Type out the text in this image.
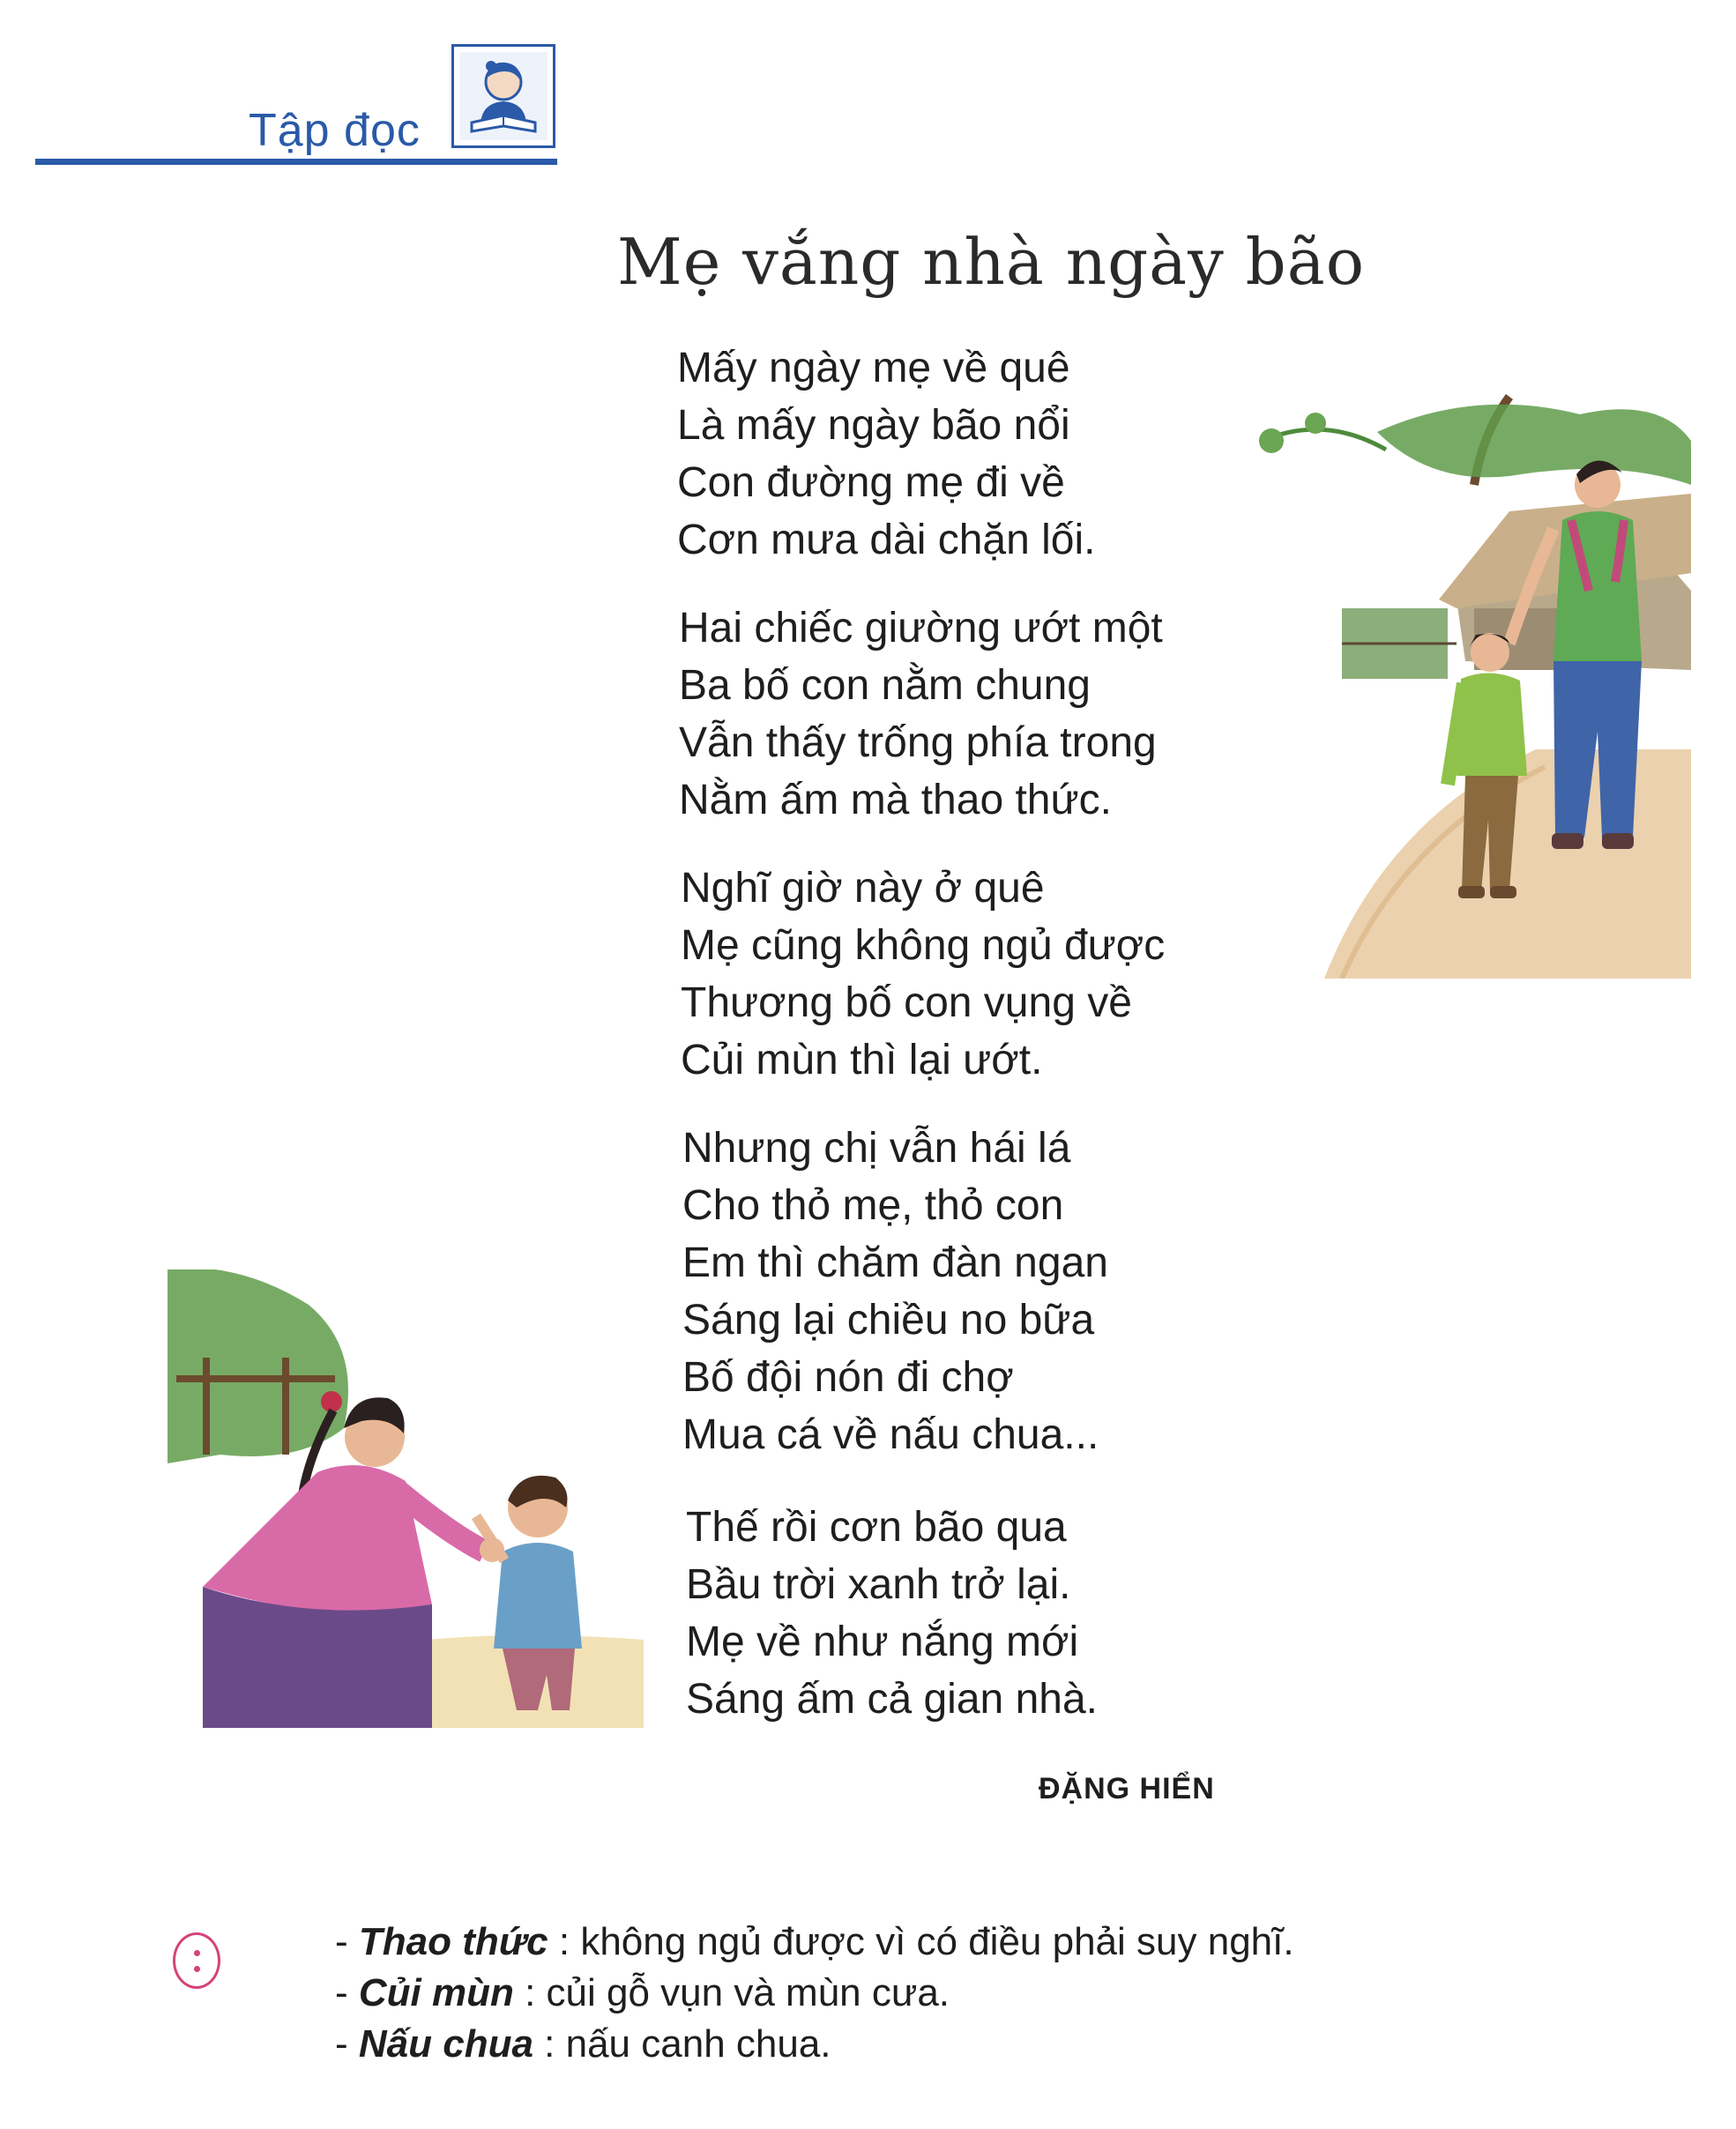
Tập đọc
Mẹ vắng nhà ngày bão
Mấy ngày mẹ về quê
Là mấy ngày bão nổi
Con đường mẹ đi về
Cơn mưa dài chặn lối.
Hai chiếc giường ướt một
Ba bố con nằm chung
Vẫn thấy trống phía trong
Nằm ấm mà thao thức.
Nghĩ giờ này ở quê
Mẹ cũng không ngủ được
Thương bố con vụng về
Củi mùn thì lại ướt.
Nhưng chị vẫn hái lá
Cho thỏ mẹ, thỏ con
Em thì chăm đàn ngan
Sáng lại chiều no bữa
Bố đội nón đi chợ
Mua cá về nấu chua...
Thế rồi cơn bão qua
Bầu trời xanh trở lại.
Mẹ về như nắng mới
Sáng ấm cả gian nhà.
ĐẶNG HIỂN
- Thao thức : không ngủ được vì có điều phải suy nghĩ.
- Củi mùn : củi gỗ vụn và mùn cưa.
- Nấu chua : nấu canh chua.
